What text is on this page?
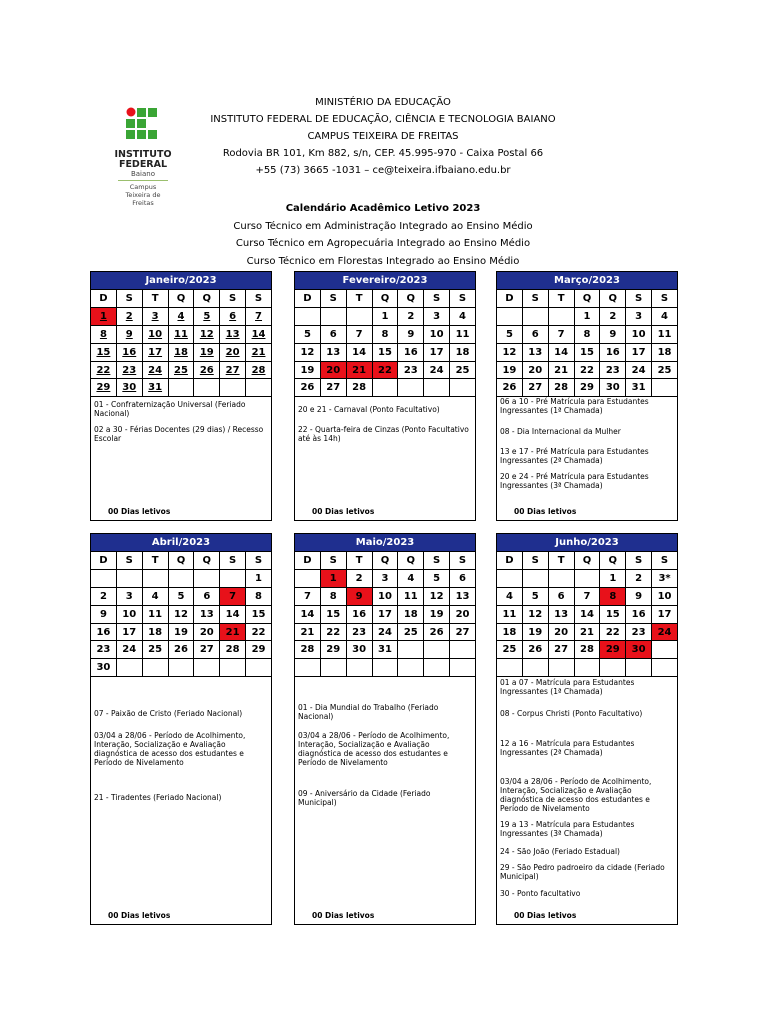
INSTITUTO
FEDERAL
Baiano
Campus
Teixeira de
Freitas
MINISTÉRIO DA EDUCAÇÃO
INSTITUTO FEDERAL DE EDUCAÇÃO, CIÊNCIA E TECNOLOGIA BAIANO
CAMPUS TEIXEIRA DE FREITAS
Rodovia BR 101, Km 882, s/n, CEP. 45.995-970 - Caixa Postal 66
+55 (73) 3665 -1031 – ce@teixeira.ifbaiano.edu.br
Calendário Acadêmico Letivo 2023
Curso Técnico em Administração Integrado ao Ensino Médio
Curso Técnico em Agropecuária Integrado ao Ensino Médio
Curso Técnico em Florestas Integrado ao Ensino Médio
Janeiro/2023						
D	S	T	Q	Q	S	S
1	2	3	4	5	6	7
8	9	10	11	12	13	14
15	16	17	18	19	20	21
22	23	24	25	26	27	28
29	30	31				
01 - Confraternização Universal (Feriado Nacional)
02 a 30 - Férias Docentes (29 dias) / Recesso Escolar
00 Dias letivos
Fevereiro/2023						
D	S	T	Q	Q	S	S
			1	2	3	4
5	6	7	8	9	10	11
12	13	14	15	16	17	18
19	20	21	22	23	24	25
26	27	28				
20 e 21 - Carnaval (Ponto Facultativo)
22 - Quarta-feira de Cinzas (Ponto Facultativo até às 14h)
00 Dias letivos
Março/2023						
D	S	T	Q	Q	S	S
			1	2	3	4
5	6	7	8	9	10	11
12	13	14	15	16	17	18
19	20	21	22	23	24	25
26	27	28	29	30	31	
06 a 10 - Pré Matrícula para Estudantes Ingressantes (1ª Chamada)
08 - Dia Internacional da Mulher
13 e 17 - Pré Matrícula para Estudantes Ingressantes (2ª Chamada)
20 e 24 - Pré Matrícula para Estudantes Ingressantes (3ª Chamada)
00 Dias letivos
Abril/2023						
D	S	T	Q	Q	S	S
						1
2	3	4	5	6	7	8
9	10	11	12	13	14	15
16	17	18	19	20	21	22
23	24	25	26	27	28	29
30						
07 - Paixão de Cristo (Feriado Nacional)
03/04 a 28/06 - Período de Acolhimento, Interação, Socialização e Avaliação diagnóstica de acesso dos estudantes e Período de Nivelamento
21 - Tiradentes (Feriado Nacional)
00 Dias letivos
Maio/2023						
D	S	T	Q	Q	S	S
	1	2	3	4	5	6
7	8	9	10	11	12	13
14	15	16	17	18	19	20
21	22	23	24	25	26	27
28	29	30	31			

01 - Dia Mundial do Trabalho (Feriado Nacional)
03/04 a 28/06 - Período de Acolhimento, Interação, Socialização e Avaliação diagnóstica de acesso dos estudantes e Período de Nivelamento
09 - Aniversário da Cidade (Feriado Municipal)
00 Dias letivos
Junho/2023						
D	S	T	Q	Q	S	S
				1	2	3*
4	5	6	7	8	9	10
11	12	13	14	15	16	17
18	19	20	21	22	23	24
25	26	27	28	29	30	

01 a 07 - Matrícula para Estudantes Ingressantes (1ª Chamada)
08 - Corpus Christi (Ponto Facultativo)
12 a 16 - Matrícula para Estudantes Ingressantes (2ª Chamada)
03/04 a 28/06 - Período de Acolhimento, Interação, Socialização e Avaliação diagnóstica de acesso dos estudantes e Período de Nivelamento
19 a 13 - Matrícula para Estudantes Ingressantes (3ª Chamada)
24 - São João (Feriado Estadual)
29 - São Pedro padroeiro da cidade (Feriado Municipal)
30 - Ponto facultativo
00 Dias letivos
